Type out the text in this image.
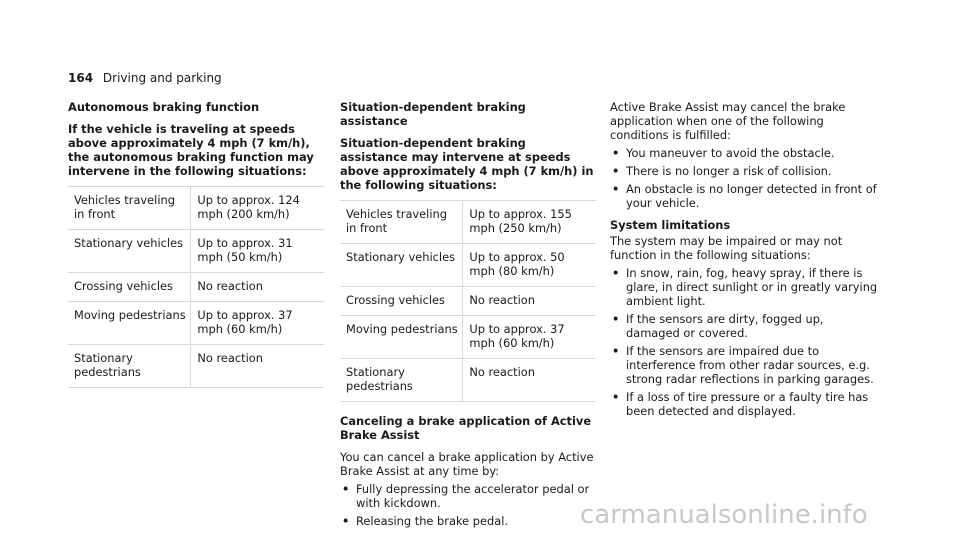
164 Driving and parking
Autonomous braking function
If the vehicle is traveling at speeds above approximately 4 mph (7 km/h), the autonomous braking function may intervene in the following situations:
Vehicles traveling in front	Up to approx. 124 mph (200 km/h)
Stationary vehicles	Up to approx. 31 mph (50 km/h)
Crossing vehicles	No reaction
Moving pedestrians	Up to approx. 37 mph (60 km/h)
Stationary pedestrians	No reaction
Situation-dependent braking assistance
Situation-dependent braking assistance may intervene at speeds above approximately 4 mph (7 km/h) in the following situations:
Vehicles traveling in front	Up to approx. 155 mph (250 km/h)
Stationary vehicles	Up to approx. 50 mph (80 km/h)
Crossing vehicles	No reaction
Moving pedestrians	Up to approx. 37 mph (60 km/h)
Stationary pedestrians	No reaction
Canceling a brake application of Active Brake Assist
You can cancel a brake application by Active Brake Assist at any time by:
• Fully depressing the accelerator pedal or with kickdown.
• Releasing the brake pedal.
Active Brake Assist may cancel the brake application when one of the following conditions is fulfilled:
• You maneuver to avoid the obstacle.
• There is no longer a risk of collision.
• An obstacle is no longer detected in front of your vehicle.
System limitations
The system may be impaired or may not function in the following situations:
• In snow, rain, fog, heavy spray, if there is glare, in direct sunlight or in greatly varying ambient light.
• If the sensors are dirty, fogged up, damaged or covered.
• If the sensors are impaired due to interference from other radar sources, e.g. strong radar reflections in parking garages.
• If a loss of tire pressure or a faulty tire has been detected and displayed.
carmanualsonline.info
